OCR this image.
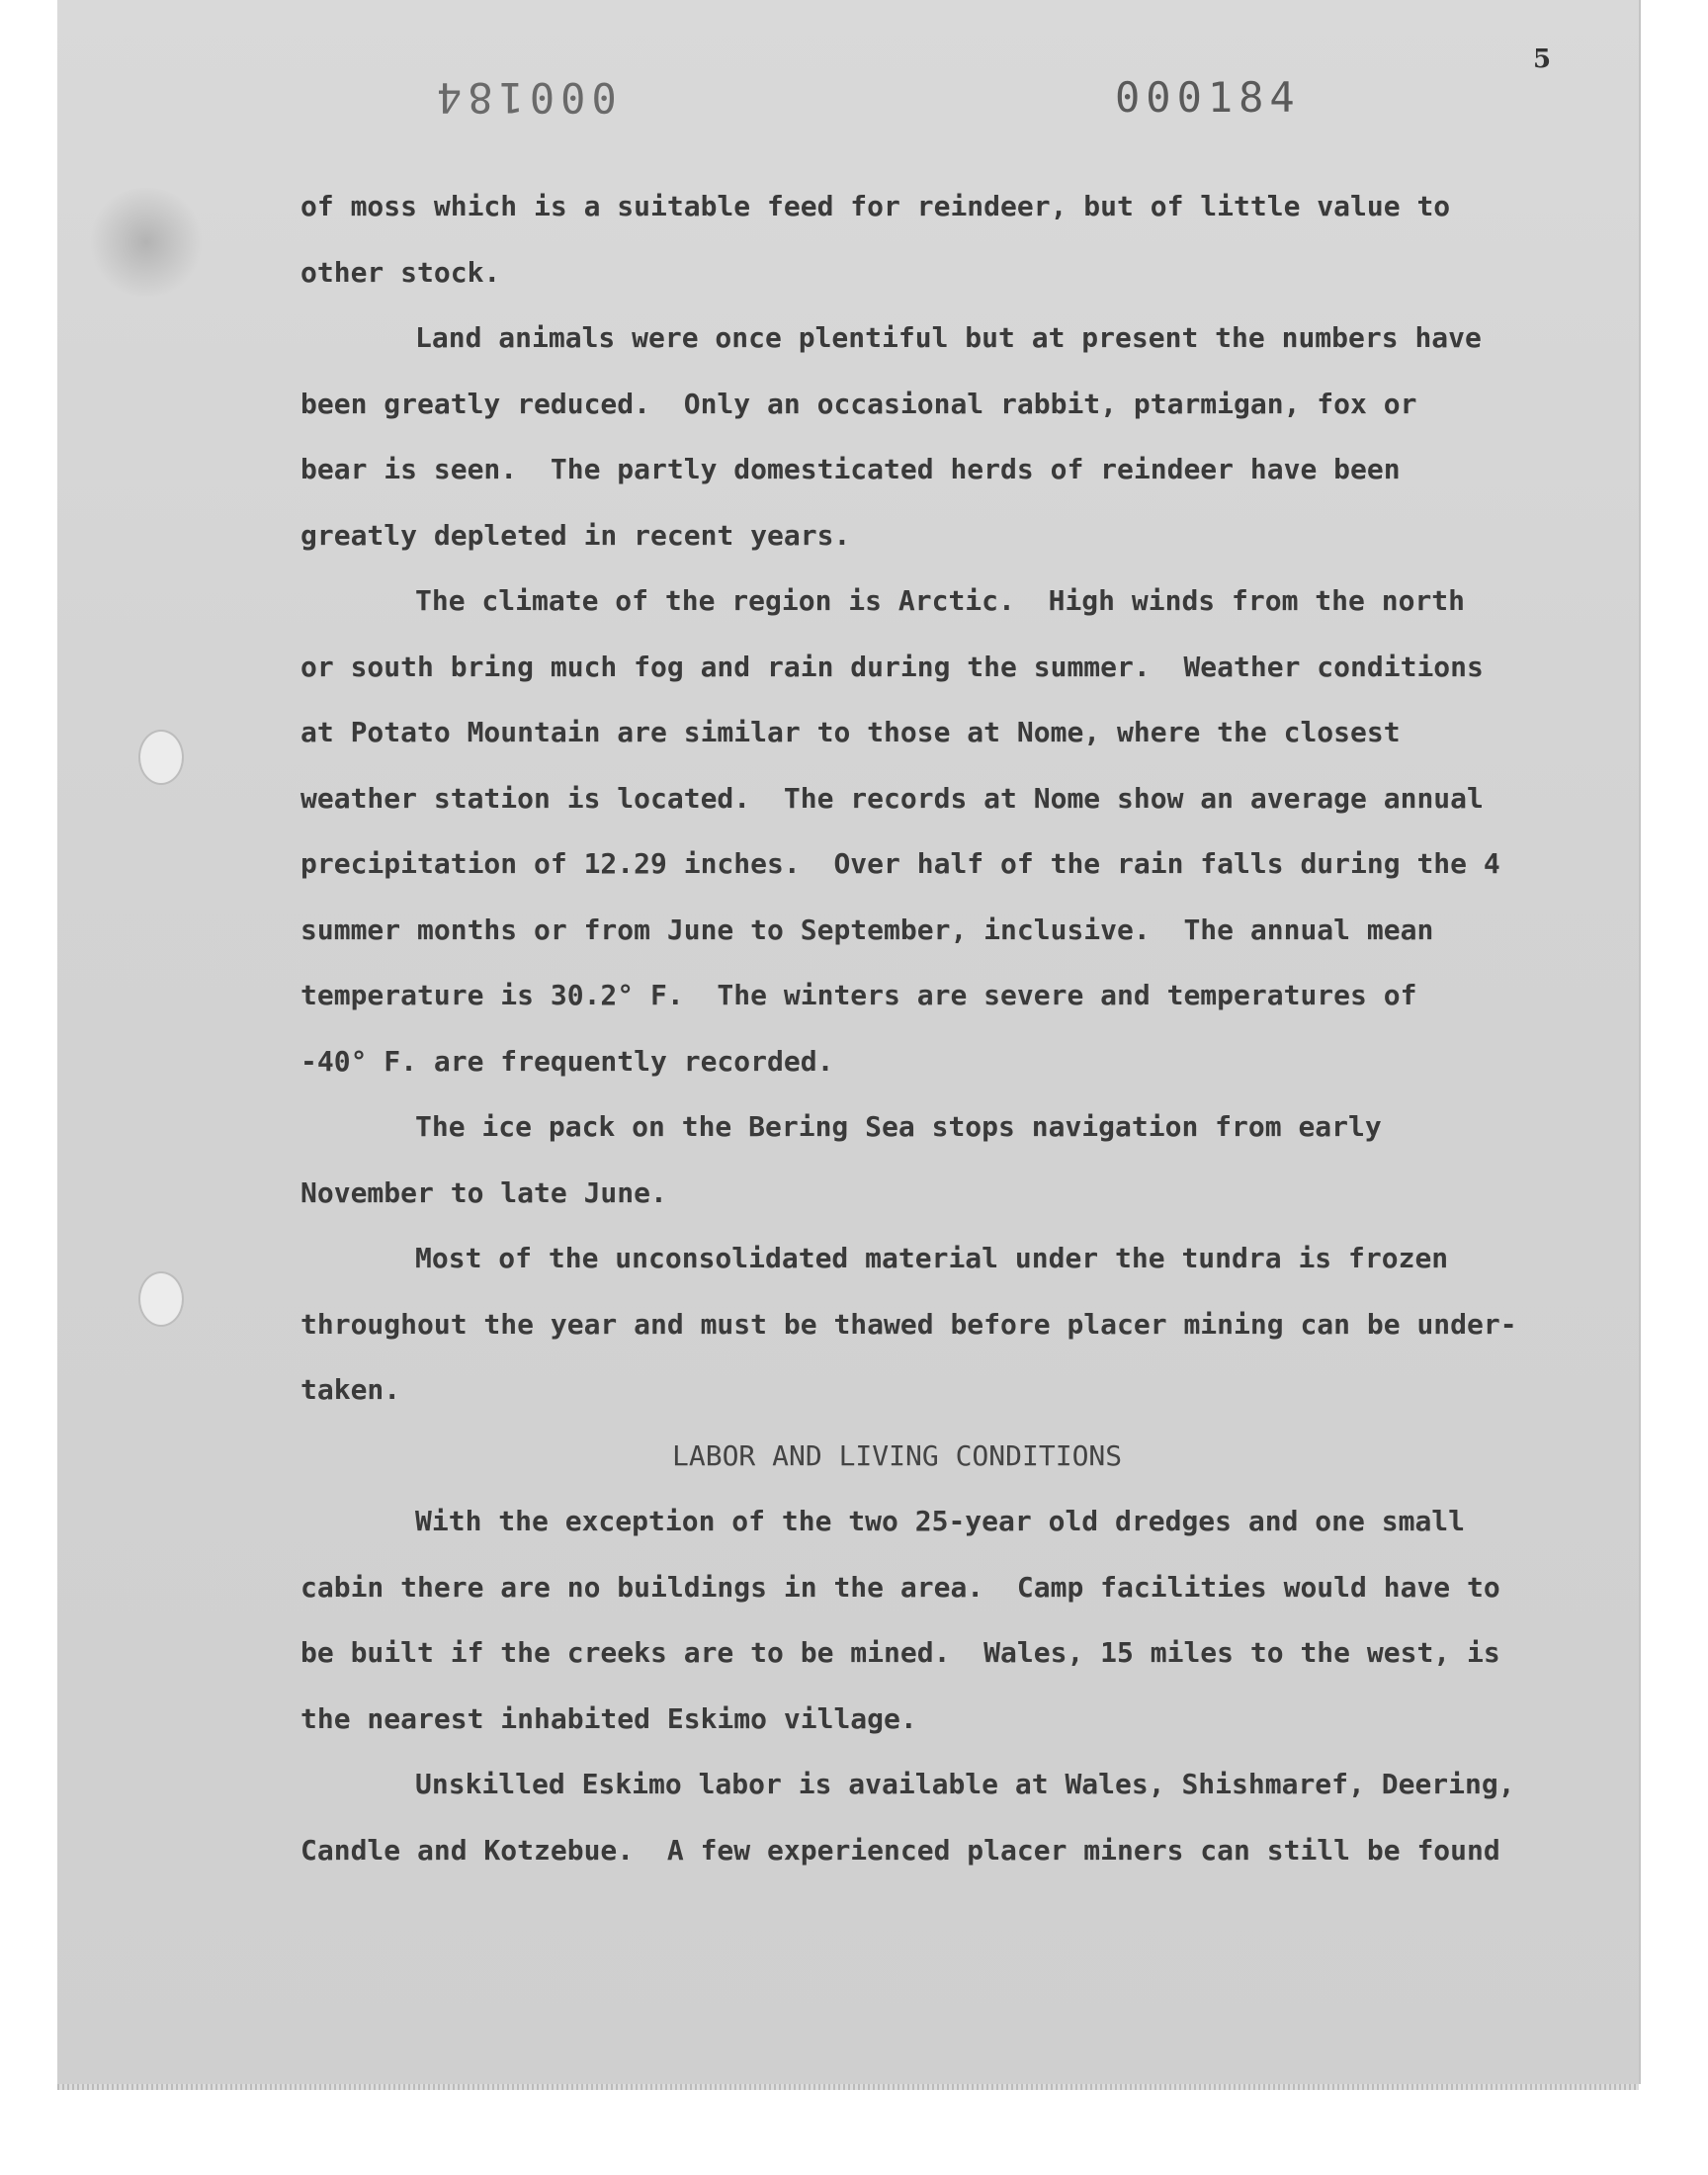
5
000184	000184
of moss which is a suitable feed for reindeer, but of little value to
other stock.
Land animals were once plentiful but at present the numbers have
been greatly reduced.  Only an occasional rabbit, ptarmigan, fox or
bear is seen.  The partly domesticated herds of reindeer have been
greatly depleted in recent years.
The climate of the region is Arctic.  High winds from the north
or south bring much fog and rain during the summer.  Weather conditions
at Potato Mountain are similar to those at Nome, where the closest
weather station is located.  The records at Nome show an average annual
precipitation of 12.29 inches.  Over half of the rain falls during the 4
summer months or from June to September, inclusive.  The annual mean
temperature is 30.2° F.  The winters are severe and temperatures of
-40° F. are frequently recorded.
The ice pack on the Bering Sea stops navigation from early
November to late June.
Most of the unconsolidated material under the tundra is frozen
throughout the year and must be thawed before placer mining can be under-
taken.
LABOR AND LIVING CONDITIONS
With the exception of the two 25-year old dredges and one small
cabin there are no buildings in the area.  Camp facilities would have to
be built if the creeks are to be mined.  Wales, 15 miles to the west, is
the nearest inhabited Eskimo village.
Unskilled Eskimo labor is available at Wales, Shishmaref, Deering,
Candle and Kotzebue.  A few experienced placer miners can still be found
